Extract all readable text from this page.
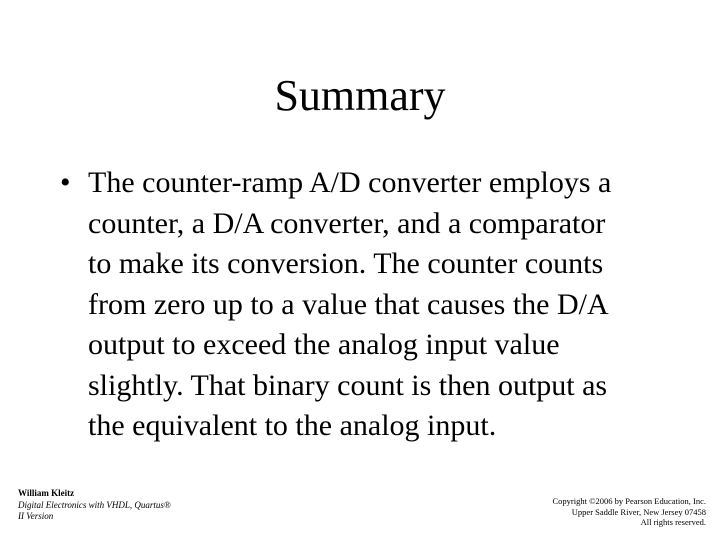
Summary
• The counter-ramp A/D converter employs a
counter, a D/A converter, and a comparator
to make its conversion. The counter counts
from zero up to a value that causes the D/A
output to exceed the analog input value
slightly. That binary count is then output as
the equivalent to the analog input.
William Kleitz
Digital Electronics with VHDL, Quartus®
II Version
Copyright ©2006 by Pearson Education, Inc.
Upper Saddle River, New Jersey 07458
All rights reserved.
